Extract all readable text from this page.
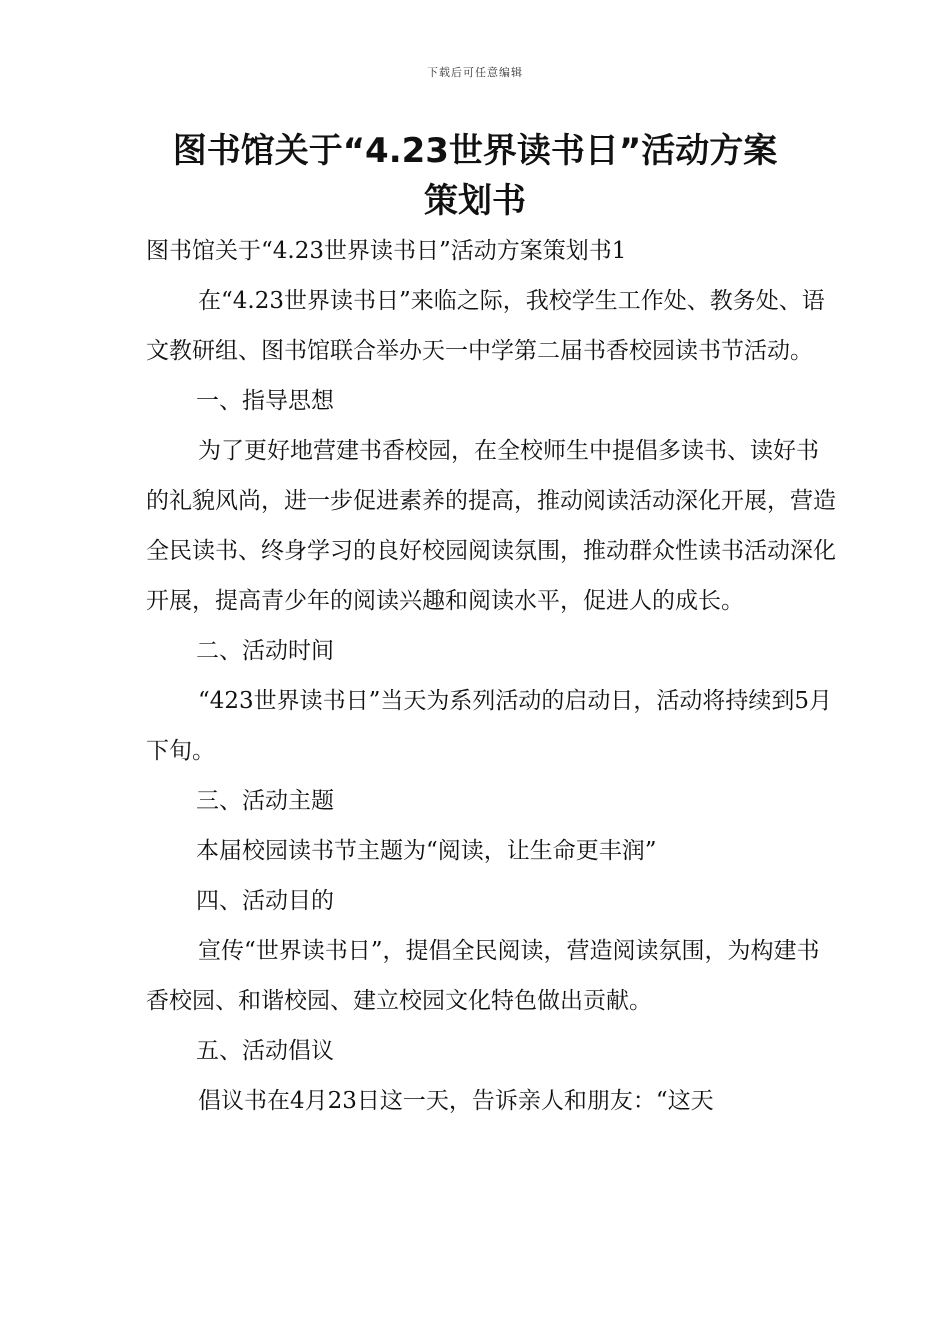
下载后可任意编辑
图书馆关于“4.23世界读书日”活动方案
策划书

图书馆关于“4.23世界读书日”活动方案策划书1

在“4.23世界读书日”来临之际，我校学生工作处、教务处、语文教研组、图书馆联合举办天一中学第二届书香校园读书节活动。

一、指导思想

为了更好地营建书香校园，在全校师生中提倡多读书、读好书的礼貌风尚，进一步促进素养的提高，推动阅读活动深化开展，营造全民读书、终身学习的良好校园阅读氛围，推动群众性读书活动深化开展，提高青少年的阅读兴趣和阅读水平，促进人的成长。

二、活动时间

“423世界读书日”当天为系列活动的启动日，活动将持续到5月下旬。

三、活动主题

本届校园读书节主题为“阅读，让生命更丰润”

四、活动目的

宣传“世界读书日”，提倡全民阅读，营造阅读氛围，为构建书香校园、和谐校园、建立校园文化特色做出贡献。

五、活动倡议

倡议书在4月23日这一天，告诉亲人和朋友：“这天
